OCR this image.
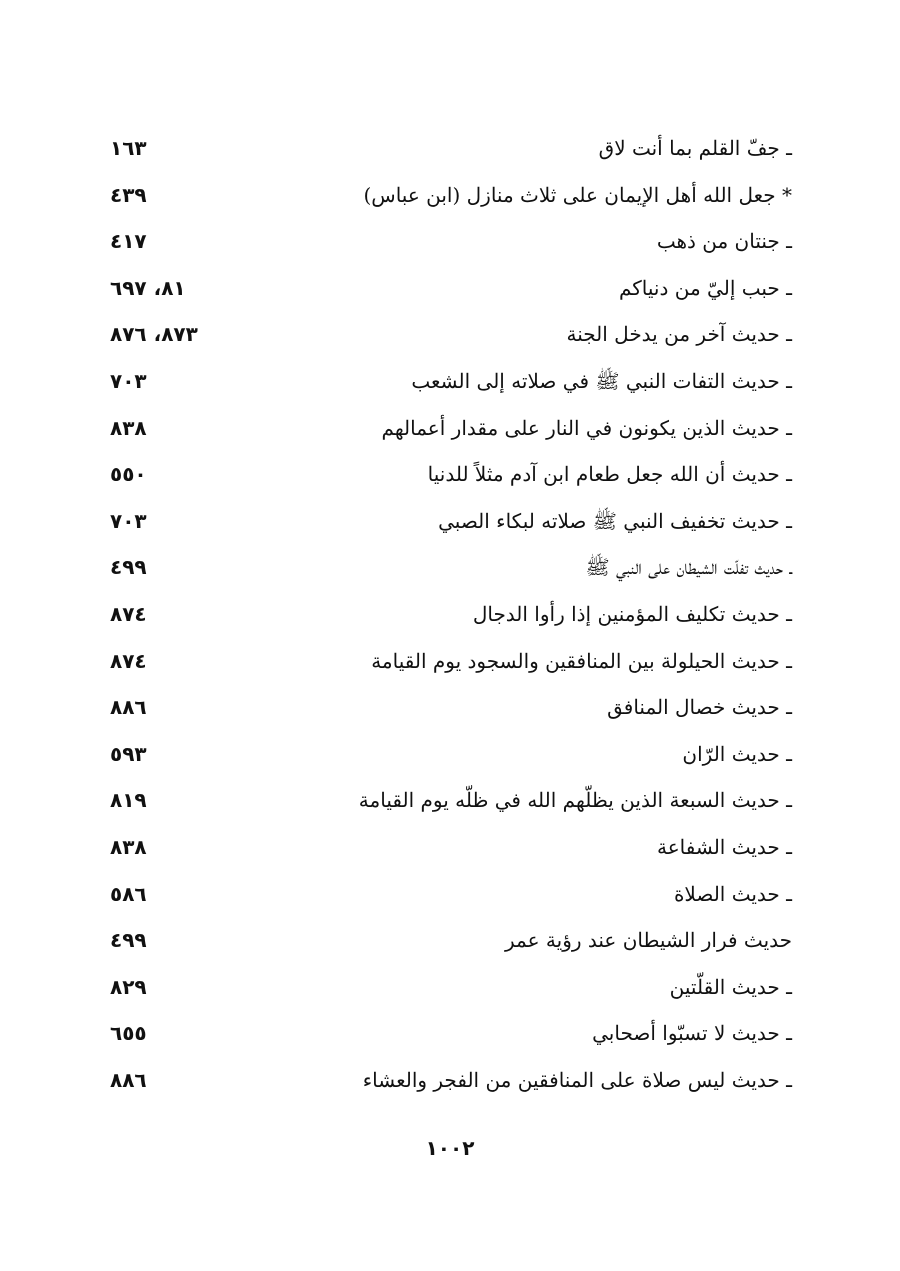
ـ جفّ القلم بما أنت لاق
١٦٣
* جعل الله أهل الإيمان على ثلاث منازل (ابن عباس)
٤٣٩
ـ جنتان من ذهب
٤١٧
ـ حبب إليّ من دنياكم
٨١، ٦٩٧
ـ حديث آخر من يدخل الجنة
٨٧٣، ٨٧٦
ـ حديث التفات النبي ﷺ في صلاته إلى الشعب
٧٠٣
ـ حديث الذين يكونون في النار على مقدار أعمالهم
٨٣٨
ـ حديث أن الله جعل طعام ابن آدم مثلاً للدنيا
٥٥٠
ـ حديث تخفيف النبي ﷺ صلاته لبكاء الصبي
٧٠٣
ـ حديث تفلّت الشيطان على النبي ﷺ
٤٩٩
ـ حديث تكليف المؤمنين إذا رأوا الدجال
٨٧٤
ـ حديث الحيلولة بين المنافقين والسجود يوم القيامة
٨٧٤
ـ حديث خصال المنافق
٨٨٦
ـ حديث الرّان
٥٩٣
ـ حديث السبعة الذين يظلّهم الله في ظلّه يوم القيامة
٨١٩
ـ حديث الشفاعة
٨٣٨
ـ حديث الصلاة
٥٨٦
حديث فرار الشيطان عند رؤية عمر
٤٩٩
ـ حديث القلّتين
٨٢٩
ـ حديث لا تسبّوا أصحابي
٦٥٥
ـ حديث ليس صلاة على المنافقين من الفجر والعشاء
٨٨٦
١٠٠٢
